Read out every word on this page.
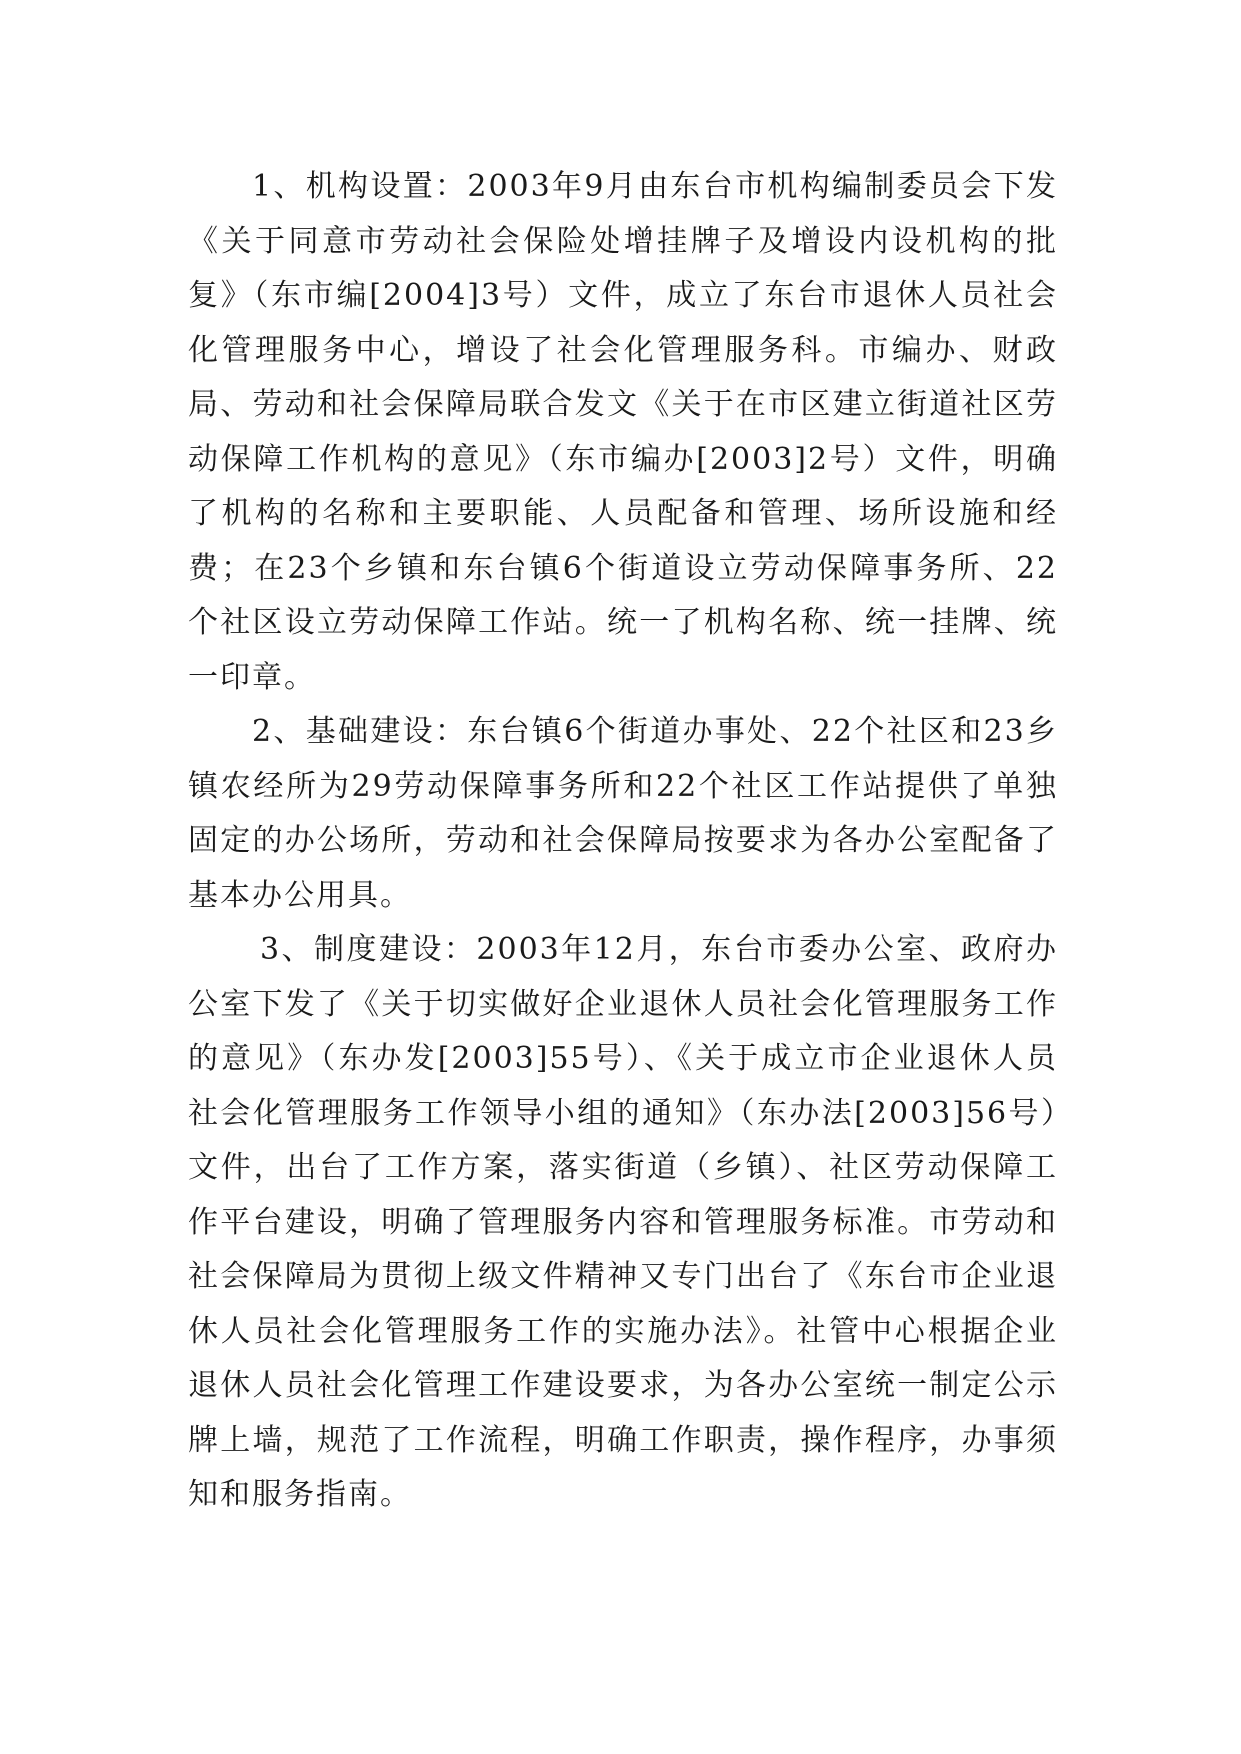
1、机构设置：2003年9月由东台市机构编制委员会下发《关于同意市劳动社会保险处增挂牌子及增设内设机构的批复》（东市编[2004]3号）文件，成立了东台市退休人员社会化管理服务中心，增设了社会化管理服务科。市编办、财政局、劳动和社会保障局联合发文《关于在市区建立街道社区劳动保障工作机构的意见》（东市编办[2003]2号）文件，明确了机构的名称和主要职能、人员配备和管理、场所设施和经费；在23个乡镇和东台镇6个街道设立劳动保障事务所、22个社区设立劳动保障工作站。统一了机构名称、统一挂牌、统一印章。

2、基础建设：东台镇6个街道办事处、22个社区和23乡镇农经所为29劳动保障事务所和22个社区工作站提供了单独固定的办公场所，劳动和社会保障局按要求为各办公室配备了基本办公用具。

3、制度建设：2003年12月，东台市委办公室、政府办公室下发了《关于切实做好企业退休人员社会化管理服务工作的意见》（东办发[2003]55号）、《关于成立市企业退休人员社会化管理服务工作领导小组的通知》（东办法[2003]56号）文件，出台了工作方案，落实街道（乡镇）、社区劳动保障工作平台建设，明确了管理服务内容和管理服务标准。市劳动和社会保障局为贯彻上级文件精神又专门出台了《东台市企业退休人员社会化管理服务工作的实施办法》。社管中心根据企业退休人员社会化管理工作建设要求，为各办公室统一制定公示牌上墙，规范了工作流程，明确工作职责，操作程序，办事须知和服务指南。
